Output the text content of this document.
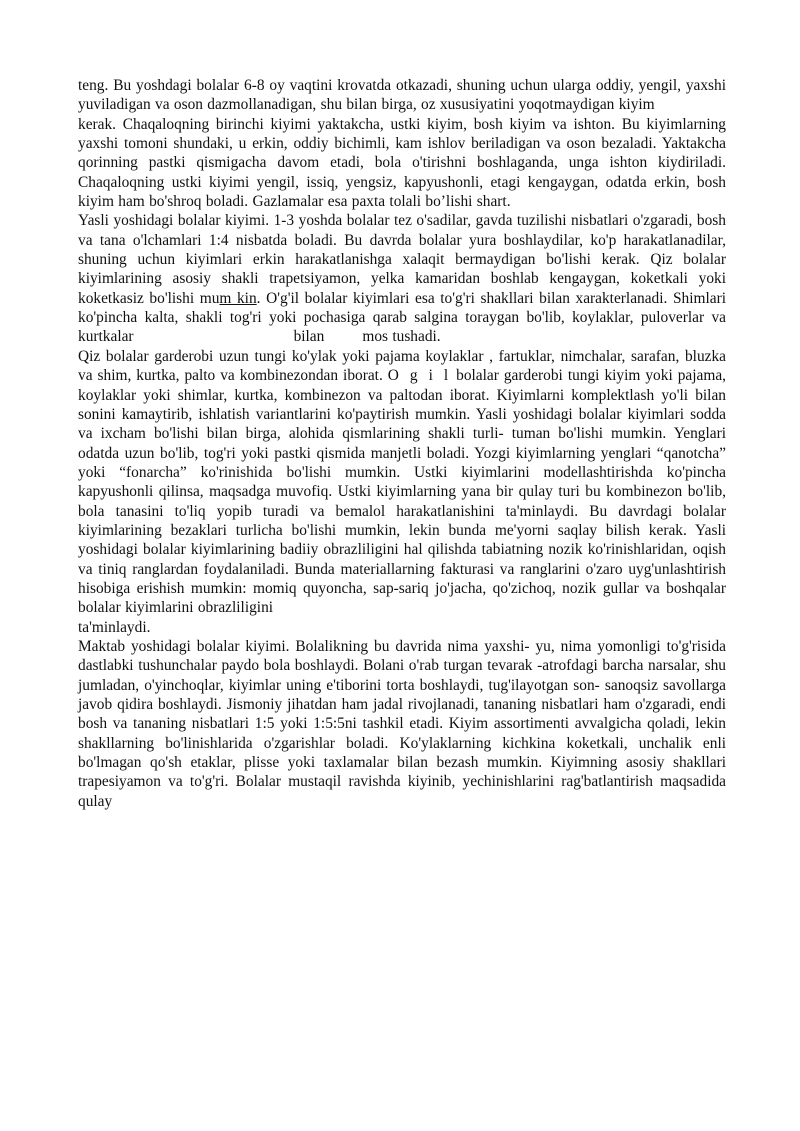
teng. Bu yoshdagi bolalar 6-8 oy vaqtini krovatda otkazadi, shuning uchun ularga oddiy, yengil, yaxshi yuviladigan va oson dazmollanadigan, shu bilan birga, oz xususiyatini yoqotmaydigan kiyim

kerak. Chaqaloqning birinchi kiyimi yaktakcha, ustki kiyim, bosh kiyim va ishton. Bu kiyimlarning yaxshi tomoni shundaki, u erkin, oddiy bichimli, kam ishlov beriladigan va oson bezaladi. Yaktakcha qorinning pastki qismigacha davom etadi, bola o'tirishni boshlaganda, unga ishton kiydiriladi. Chaqaloqning ustki kiyimi yengil, issiq, yengsiz, kapyushonli, etagi kengaygan, odatda erkin, bosh kiyim ham bo'shroq boladi. Gazlamalar esa paxta tolali bo’lishi shart.

Yasli yoshidagi bolalar kiyimi. 1-3 yoshda bolalar tez o'sadilar, gavda tuzilishi nisbatlari o'zgaradi, bosh va tana o'lchamlari 1:4 nisbatda boladi. Bu davrda bolalar yura boshlaydilar, ko'p harakatlanadilar, shuning uchun kiyimlari erkin harakatlanishga xalaqit bermaydigan bo'lishi kerak. Qiz bolalar kiyimlarining asosiy shakli trapetsiyamon, yelka kamaridan boshlab kengaygan, koketkali yoki koketkasiz bo'lishi mum kin. O'g'il bolalar kiyimlari esa to'g'ri shakllari bilan xarakterlanadi. Shimlari ko'pincha kalta, shakli tog'ri yoki pochasiga qarab salgina toraygan bo'lib, koylaklar, puloverlar va kurtkalar	bilan mos tushadi.

Qiz bolalar garderobi uzun tungi ko'ylak yoki pajama koylaklar , fartuklar, nimchalar, sarafan, bluzka va shim, kurtka, palto va kombinezondan iborat. O g i l bolalar garderobi tungi kiyim yoki pajama, koylaklar yoki shimlar, kurtka, kombinezon va paltodan iborat. Kiyimlarni komplektlash yo'li bilan sonini kamaytirib, ishlatish variantlarini ko'paytirish mumkin. Yasli yoshidagi bolalar kiyimlari sodda va ixcham bo'lishi bilan birga, alohida qismlarining shakli turli- tuman bo'lishi mumkin. Yenglari odatda uzun bo'lib, tog'ri yoki pastki qismida manjetli boladi. Yozgi kiyimlarning yenglari “qanotcha” yoki “fonarcha” ko'rinishida bo'lishi mumkin. Ustki kiyimlarini modellashtirishda ko'pincha kapyushonli qilinsa, maqsadga muvofiq. Ustki kiyimlarning yana bir qulay turi bu kombinezon bo'lib, bola tanasini to'liq yopib turadi va bemalol harakatlanishini ta'minlaydi. Bu davrdagi bolalar kiyimlarining bezaklari turlicha bo'lishi mumkin, lekin bunda me'yorni saqlay bilish kerak. Yasli yoshidagi bolalar kiyimlarining badiiy obrazliligini hal qilishda tabiatning nozik ko'rinishlaridan, oqish va tiniq ranglardan foydalaniladi. Bunda materiallarning fakturasi va ranglarini o'zaro uyg'unlashtirish hisobiga erishish mumkin: momiq quyoncha, sap-sariq jo'jacha, qo'zichoq, nozik gullar va boshqalar bolalar kiyimlarini obrazliligini

ta'minlaydi.

Maktab yoshidagi bolalar kiyimi. Bolalikning bu davrida nima yaxshi- yu, nima yomonligi to'g'risida dastlabki tushunchalar paydo bola boshlaydi. Bolani o'rab turgan tevarak -atrofdagi barcha narsalar, shu jumladan, o'yinchoqlar, kiyimlar uning e'tiborini torta boshlaydi, tug'ilayotgan son- sanoqsiz savollarga javob qidira boshlaydi. Jismoniy jihatdan ham jadal rivojlanadi, tananing nisbatlari ham o'zgaradi, endi bosh va tananing nisbatlari 1:5 yoki 1:5:5ni tashkil etadi. Kiyim assortimenti avvalgicha qoladi, lekin shakllarning bo'linishlarida o'zgarishlar boladi. Ko'ylaklarning kichkina koketkali, unchalik enli bo'lmagan qo'sh etaklar, plisse yoki taxlamalar bilan bezash mumkin. Kiyimning asosiy shakllari trapesiyamon va to'g'ri. Bolalar mustaqil ravishda kiyinib, yechinishlarini rag'batlantirish maqsadida qulay
